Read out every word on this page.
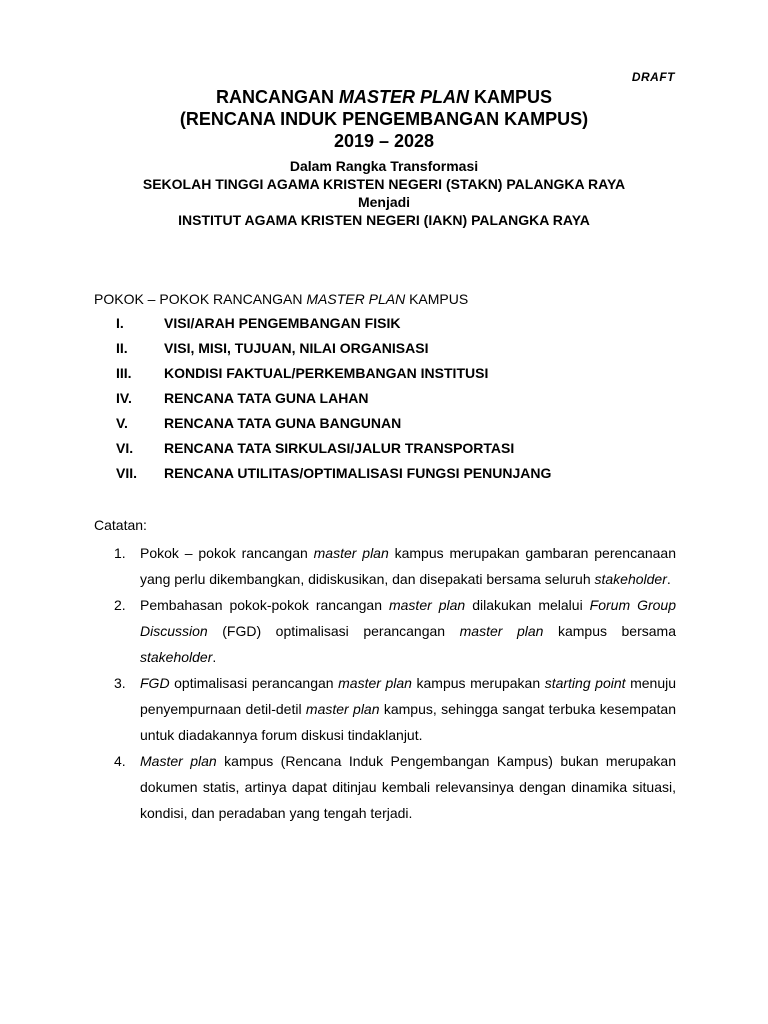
DRAFT

RANCANGAN MASTER PLAN KAMPUS

(RENCANA INDUK PENGEMBANGAN KAMPUS)

2019 – 2028

Dalam Rangka Transformasi

SEKOLAH TINGGI AGAMA KRISTEN NEGERI (STAKN) PALANGKA RAYA

Menjadi

INSTITUT AGAMA KRISTEN NEGERI (IAKN) PALANGKA RAYA

POKOK – POKOK RANCANGAN MASTER PLAN KAMPUS

I.	VISI/ARAH PENGEMBANGAN FISIK
II.	VISI, MISI, TUJUAN, NILAI ORGANISASI
III.	KONDISI FAKTUAL/PERKEMBANGAN INSTITUSI
IV.	RENCANA TATA GUNA LAHAN
V.	RENCANA TATA GUNA BANGUNAN
VI.	RENCANA TATA SIRKULASI/JALUR TRANSPORTASI
VII.	RENCANA UTILITAS/OPTIMALISASI FUNGSI PENUNJANG

Catatan:

1.	Pokok – pokok rancangan master plan kampus merupakan gambaran perencanaan yang perlu dikembangkan, didiskusikan, dan disepakati bersama seluruh stakeholder.
2.	Pembahasan pokok-pokok rancangan master plan dilakukan melalui Forum Group Discussion (FGD) optimalisasi perancangan master plan kampus bersama stakeholder.
3.	FGD optimalisasi perancangan master plan kampus merupakan starting point menuju penyempurnaan detil-detil master plan kampus, sehingga sangat terbuka kesempatan untuk diadakannya forum diskusi tindaklanjut.
4.	Master plan kampus (Rencana Induk Pengembangan Kampus) bukan merupakan dokumen statis, artinya dapat ditinjau kembali relevansinya dengan dinamika situasi, kondisi, dan peradaban yang tengah terjadi.
